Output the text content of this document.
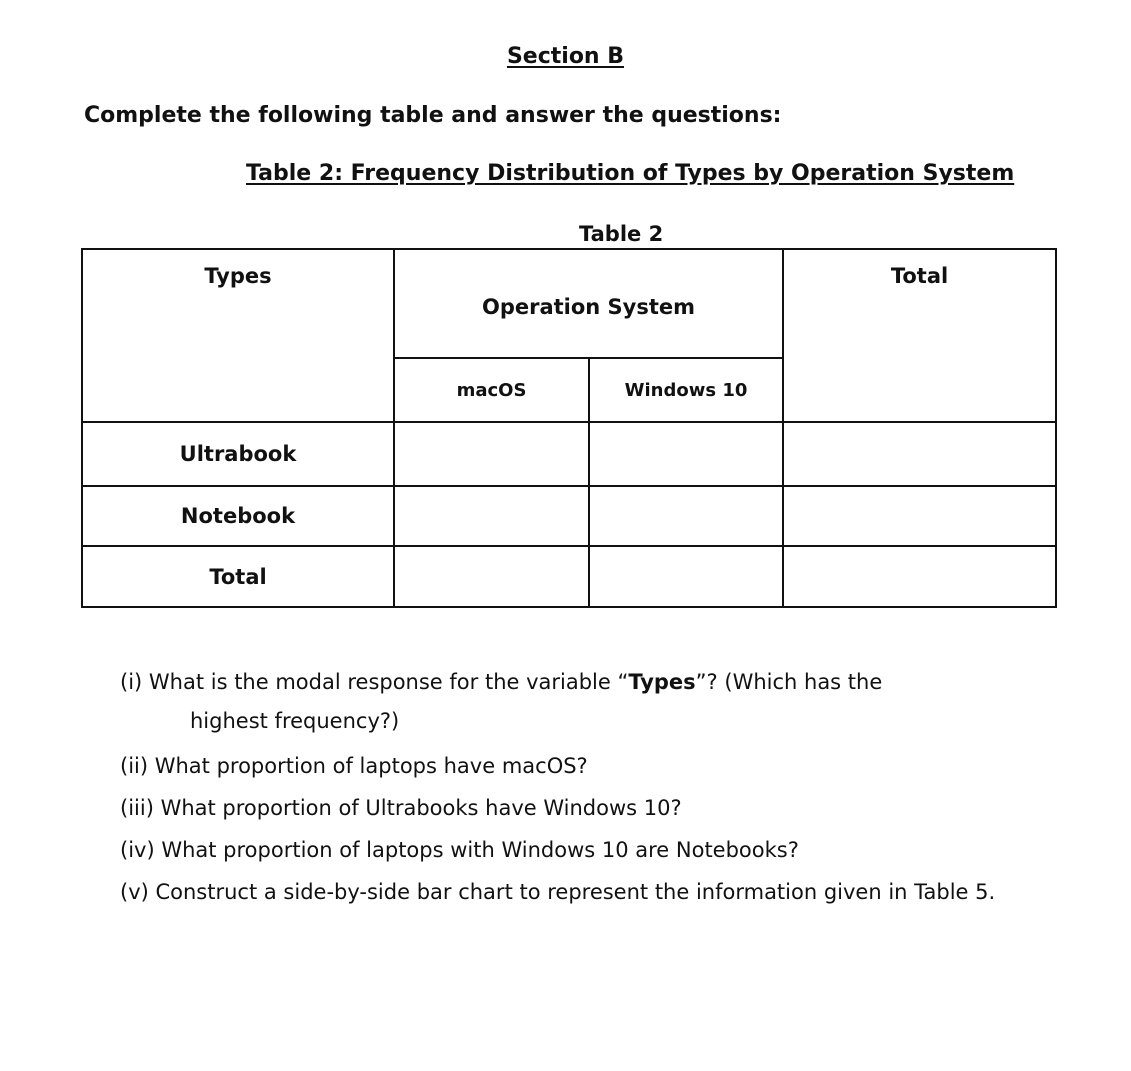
Section B
Complete the following table and answer the questions:
Table 2: Frequency Distribution of Types by Operation System
Table 2
Types	Operation System		Total
	macOS	Windows 10	
Ultrabook			
Notebook			
Total			

(i) What is the modal response for the variable “Types”? (Which has the

highest frequency?)

(ii) What proportion of laptops have macOS?

(iii) What proportion of Ultrabooks have Windows 10?

(iv) What proportion of laptops with Windows 10 are Notebooks?

(v) Construct a side-by-side bar chart to represent the information given in Table 5.
